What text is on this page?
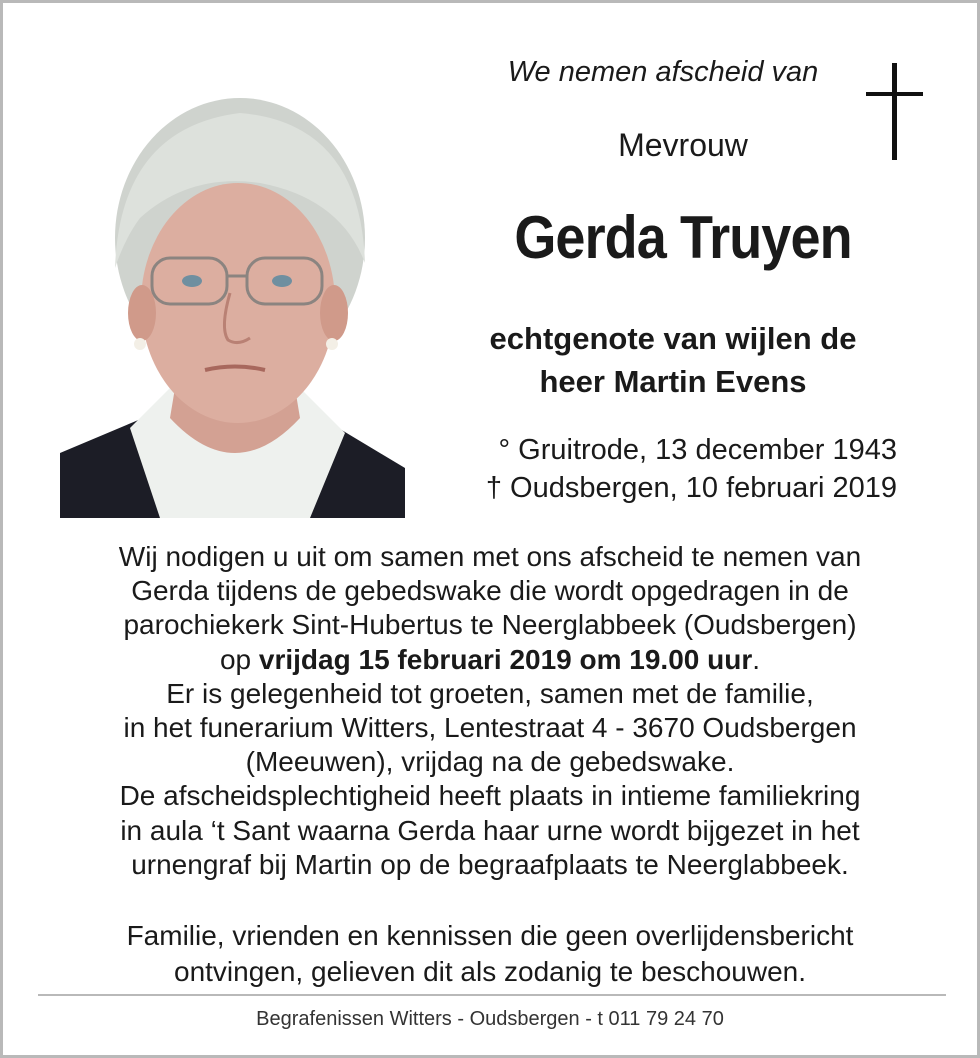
We nemen afscheid van
Mevrouw
Gerda Truyen
echtgenote van wijlen de
heer Martin Evens
° Gruitrode, 13 december 1943
† Oudsbergen, 10 februari 2019
Wij nodigen u uit om samen met ons afscheid te nemen van
Gerda tijdens de gebedswake die wordt opgedragen in de
parochiekerk Sint-Hubertus te Neerglabbeek (Oudsbergen)
op vrijdag 15 februari 2019 om 19.00 uur.
Er is gelegenheid tot groeten, samen met de familie,
in het funerarium Witters, Lentestraat 4 - 3670 Oudsbergen
(Meeuwen), vrijdag na de gebedswake.
De afscheidsplechtigheid heeft plaats in intieme familiekring
in aula ‘t Sant waarna Gerda haar urne wordt bijgezet in het
urnengraf bij Martin op de begraafplaats te Neerglabbeek.
Familie, vrienden en kennissen die geen overlijdensbericht
ontvingen, gelieven dit als zodanig te beschouwen.
Begrafenissen Witters - Oudsbergen - t 011 79 24 70
